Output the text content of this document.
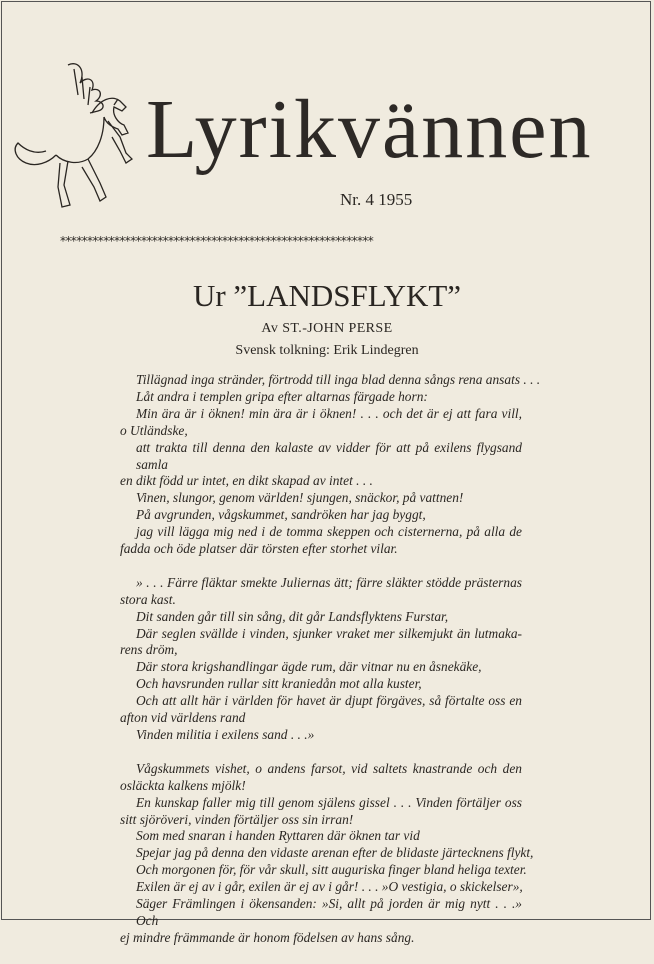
Lyrikvännen
Nr. 4 1955
**********************************************************
Ur ”LANDSFLYKT”
Av ST.-JOHN PERSE
Svensk tolkning: Erik Lindegren
Tillägnad inga stränder, förtrodd till inga blad denna sångs rena ansats . . .
Låt andra i templen gripa efter altarnas färgade horn:
Min ära är i öknen! min ära är i öknen! . . . och det är ej att fara vill,
o Utländske,
att trakta till denna den kalaste av vidder för att på exilens flygsand samla
en dikt född ur intet, en dikt skapad av intet . . .
Vinen, slungor, genom världen! sjungen, snäckor, på vattnen!
På avgrunden, vågskummet, sandröken har jag byggt,
jag vill lägga mig ned i de tomma skeppen och cisternerna, på alla de
fadda och öde platser där törsten efter storhet vilar.
» . . . Färre fläktar smekte Juliernas ätt; färre släkter stödde prästernas
stora kast.
Dit sanden går till sin sång, dit går Landsflyktens Furstar,
Där seglen svällde i vinden, sjunker vraket mer silkemjukt än lutmaka-
rens dröm,
Där stora krigshandlingar ägde rum, där vitnar nu en åsnekäke,
Och havsrunden rullar sitt kraniedån mot alla kuster,
Och att allt här i världen för havet är djupt förgäves, så förtalte oss en
afton vid världens rand
Vinden militia i exilens sand . . .»
Vågskummets vishet, o andens farsot, vid saltets knastrande och den
osläckta kalkens mjölk!
En kunskap faller mig till genom själens gissel . . . Vinden förtäljer oss
sitt sjöröveri, vinden förtäljer oss sin irran!
Som med snaran i handen Ryttaren där öknen tar vid
Spejar jag på denna den vidaste arenan efter de blidaste järtecknens flykt,
Och morgonen för, för vår skull, sitt auguriska finger bland heliga texter.
Exilen är ej av i går, exilen är ej av i går! . . . »O vestigia, o skickelser»,
Säger Främlingen i ökensanden: »Si, allt på jorden är mig nytt . . .» Och
ej mindre främmande är honom födelsen av hans sång.
